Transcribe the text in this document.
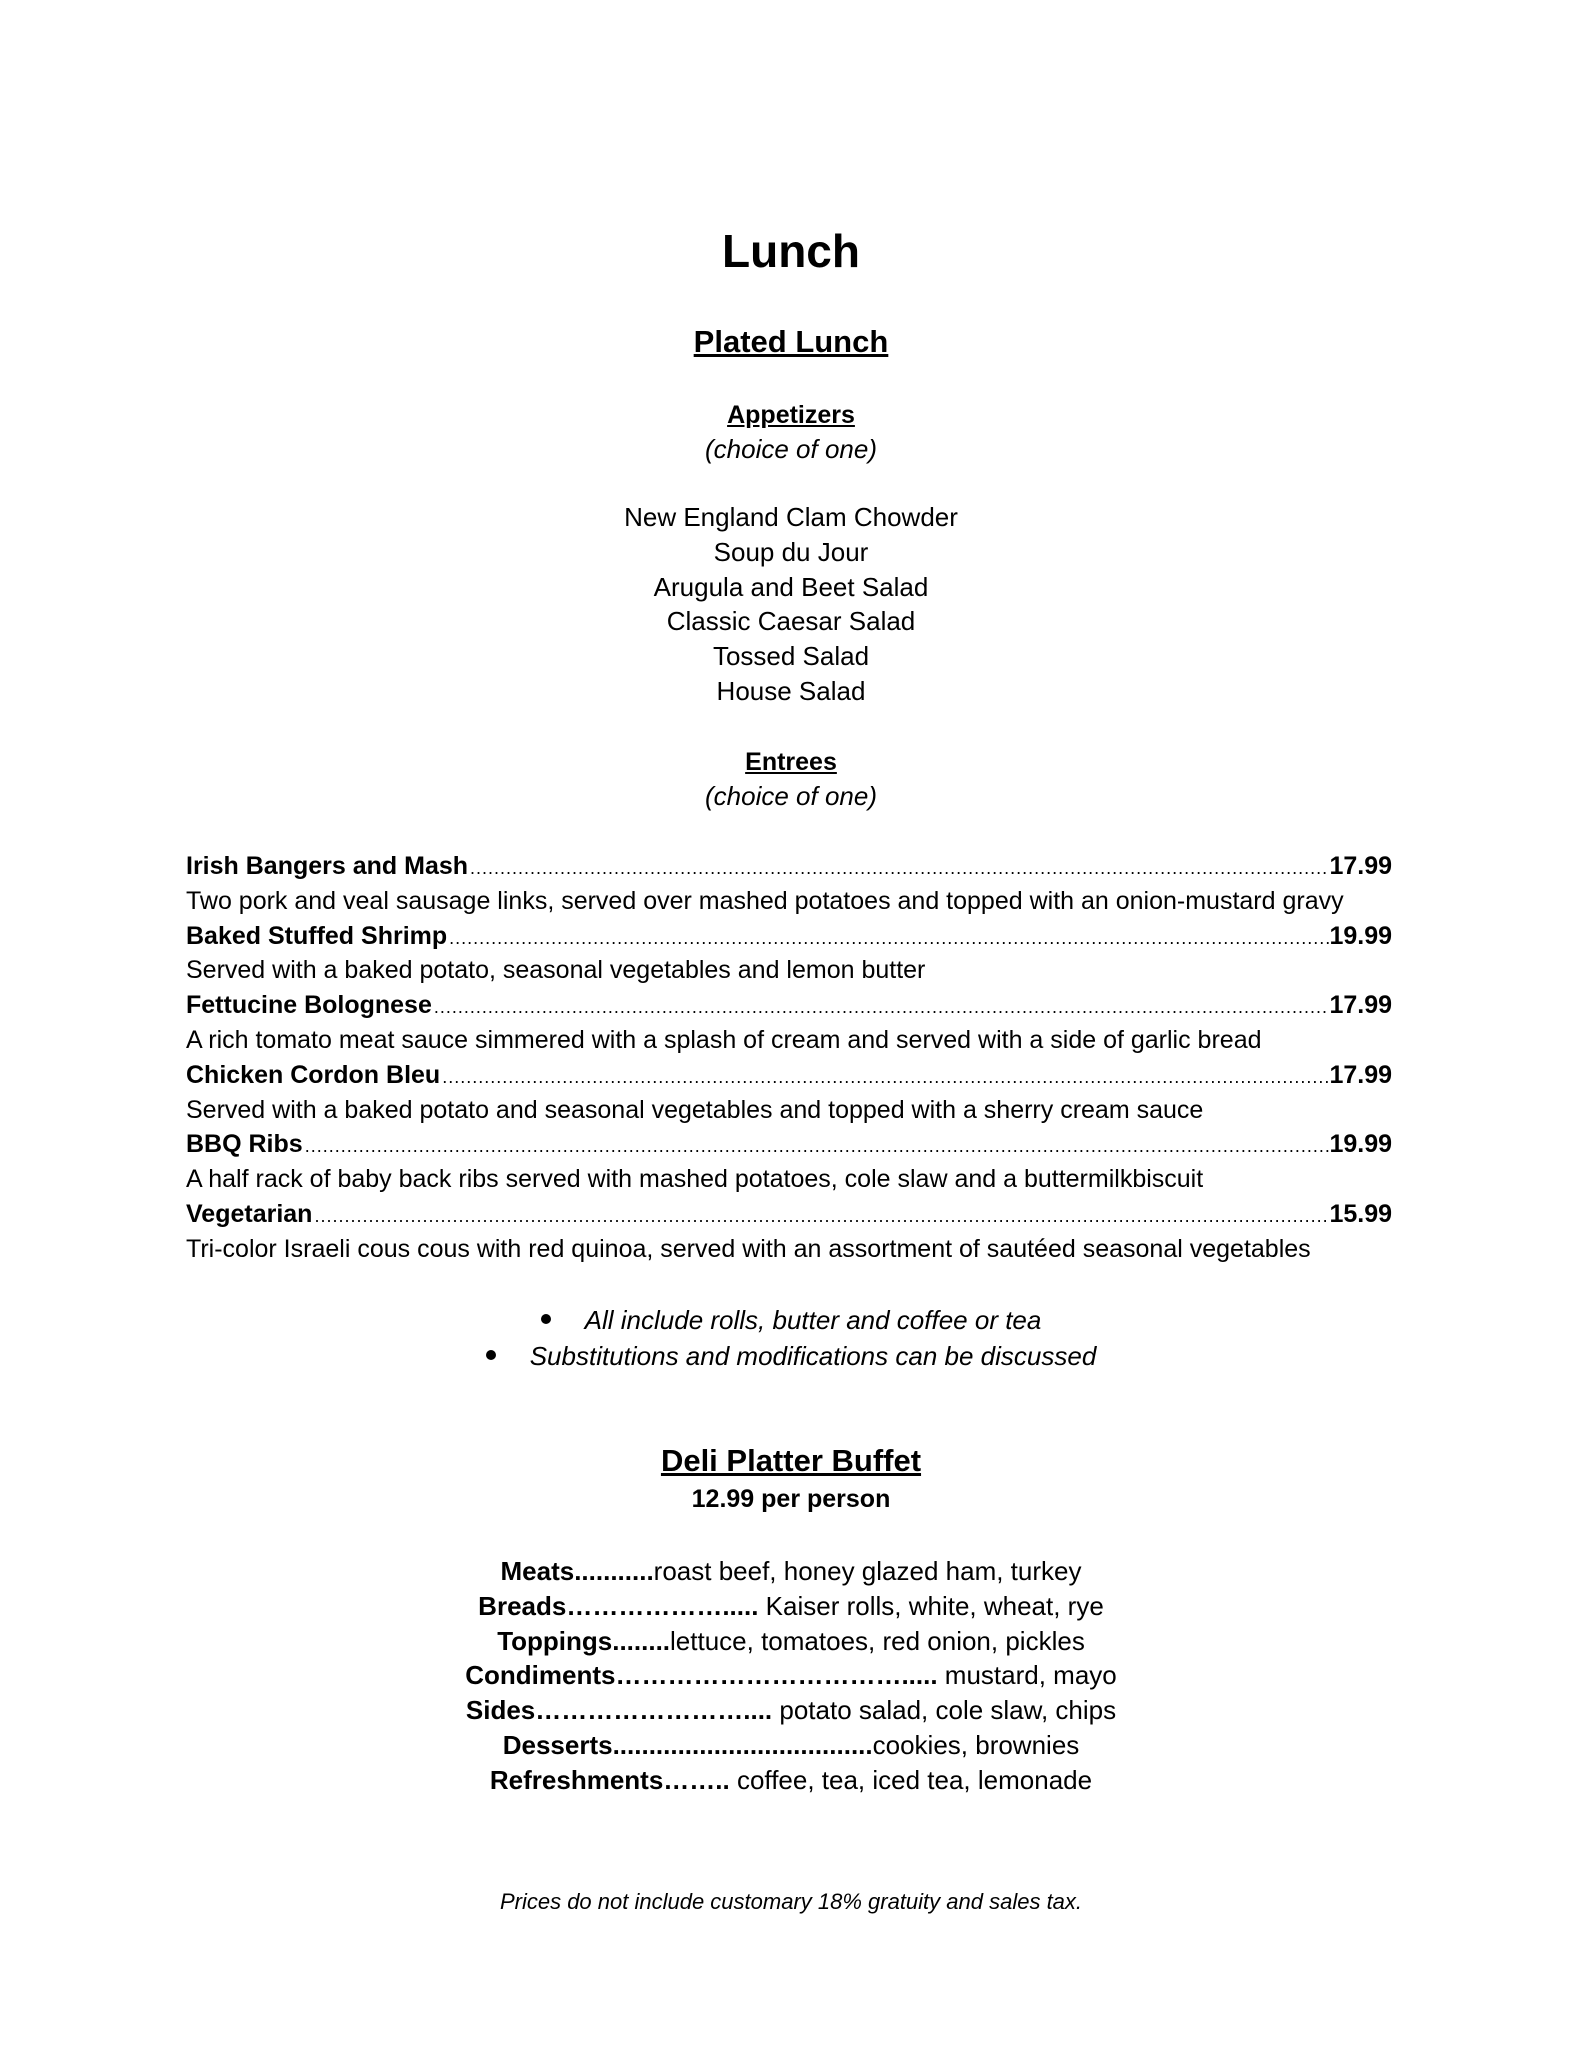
Lunch
Plated Lunch
Appetizers
(choice of one)
New England Clam Chowder
Soup du Jour
Arugula and Beet Salad
Classic Caesar Salad
Tossed Salad
House Salad
Entrees
(choice of one)
Irish Bangers and Mash .....	17.99
Two pork and veal sausage links, served over mashed potatoes and topped with an onion-mustard gravy
Baked Stuffed Shrimp .....	19.99
Served with a baked potato, seasonal vegetables and lemon butter
Fettucine Bolognese .....	17.99
A rich tomato meat sauce simmered with a splash of cream and served with a side of garlic bread
Chicken Cordon Bleu .....	17.99
Served with a baked potato and seasonal vegetables and topped with a sherry cream sauce
BBQ Ribs .....	19.99
A half rack of baby back ribs served with mashed potatoes, cole slaw and a buttermilkbiscuit
Vegetarian .....	15.99
Tri-color Israeli cous cous with red quinoa, served with an assortment of sautéed seasonal vegetables
All include rolls, butter and coffee or tea
Substitutions and modifications can be discussed
Deli Platter Buffet
12.99 per person
Meats...........roast beef, honey glazed ham, turkey
Breads………………..... Kaiser rolls, white, wheat, rye
Toppings........lettuce, tomatoes, red onion, pickles
Condiments……………………………..... mustard, mayo
Sides…………………….... potato salad, cole slaw, chips
Desserts....................................cookies, brownies
Refreshments…….. coffee, tea, iced tea, lemonade
Prices do not include customary 18% gratuity and sales tax.
